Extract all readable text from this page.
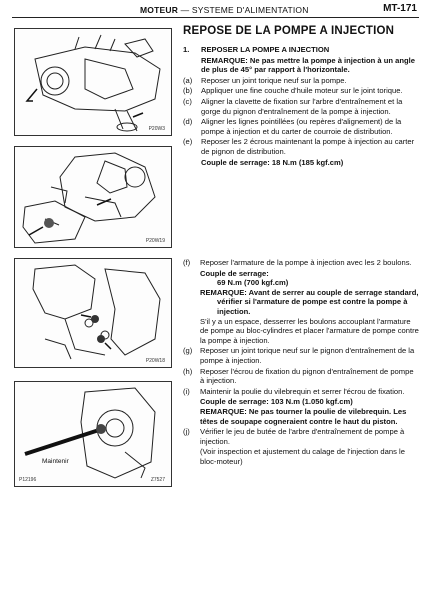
MOTEUR — SYSTEME D'ALIMENTATION	MT-171
P20W3
P20W19
P20W18
P12196	Z7527
Maintenir
REPOSE DE LA POMPE A INJECTION
1. REPOSER LA POMPE A INJECTION
REMARQUE: Ne pas mettre la pompe à injection à un angle de plus de 45° par rapport à l'horizontale.
(a) Reposer un joint torique neuf sur la pompe.
(b) Appliquer une fine couche d'huile moteur sur le joint torique.
(c) Aligner la clavette de fixation sur l'arbre d'entraînement et la gorge du pignon d'entraînement de la pompe à injection.
(d) Aligner les lignes pointillées (ou repères d'alignement) de la pompe à injection et du carter de courroie de distribution.
(e) Reposer les 2 écrous maintenant la pompe à injection au carter de pignon de distribution.
Couple de serrage: 18 N.m (185 kgf.cm)
(f) Reposer l'armature de la pompe à injection avec les 2 boulons.
Couple de serrage:
69 N.m (700 kgf.cm)
REMARQUE: Avant de serrer au couple de serrage standard, vérifier si l'armature de pompe est contre la pompe à injection.
S'il y a un espace, desserrer les boulons accouplant l'armature de pompe au bloc-cylindres et placer l'armature de pompe contre la pompe à injection.
(g) Reposer un joint torique neuf sur le pignon d'entraînement de la pompe à injection.
(h) Reposer l'écrou de fixation du pignon d'entraînement de pompe à injection.
(i) Maintenir la poulie du vilebrequin et serrer l'écrou de fixation.
Couple de serrage: 103 N.m (1.050 kgf.cm)
REMARQUE: Ne pas tourner la poulie de vilebrequin. Les têtes de soupape cogneraient contre le haut du piston.
(j) Vérifier le jeu de butée de l'arbre d'entraînement de pompe à injection.
(Voir inspection et ajustement du calage de l'injection dans le bloc-moteur)
